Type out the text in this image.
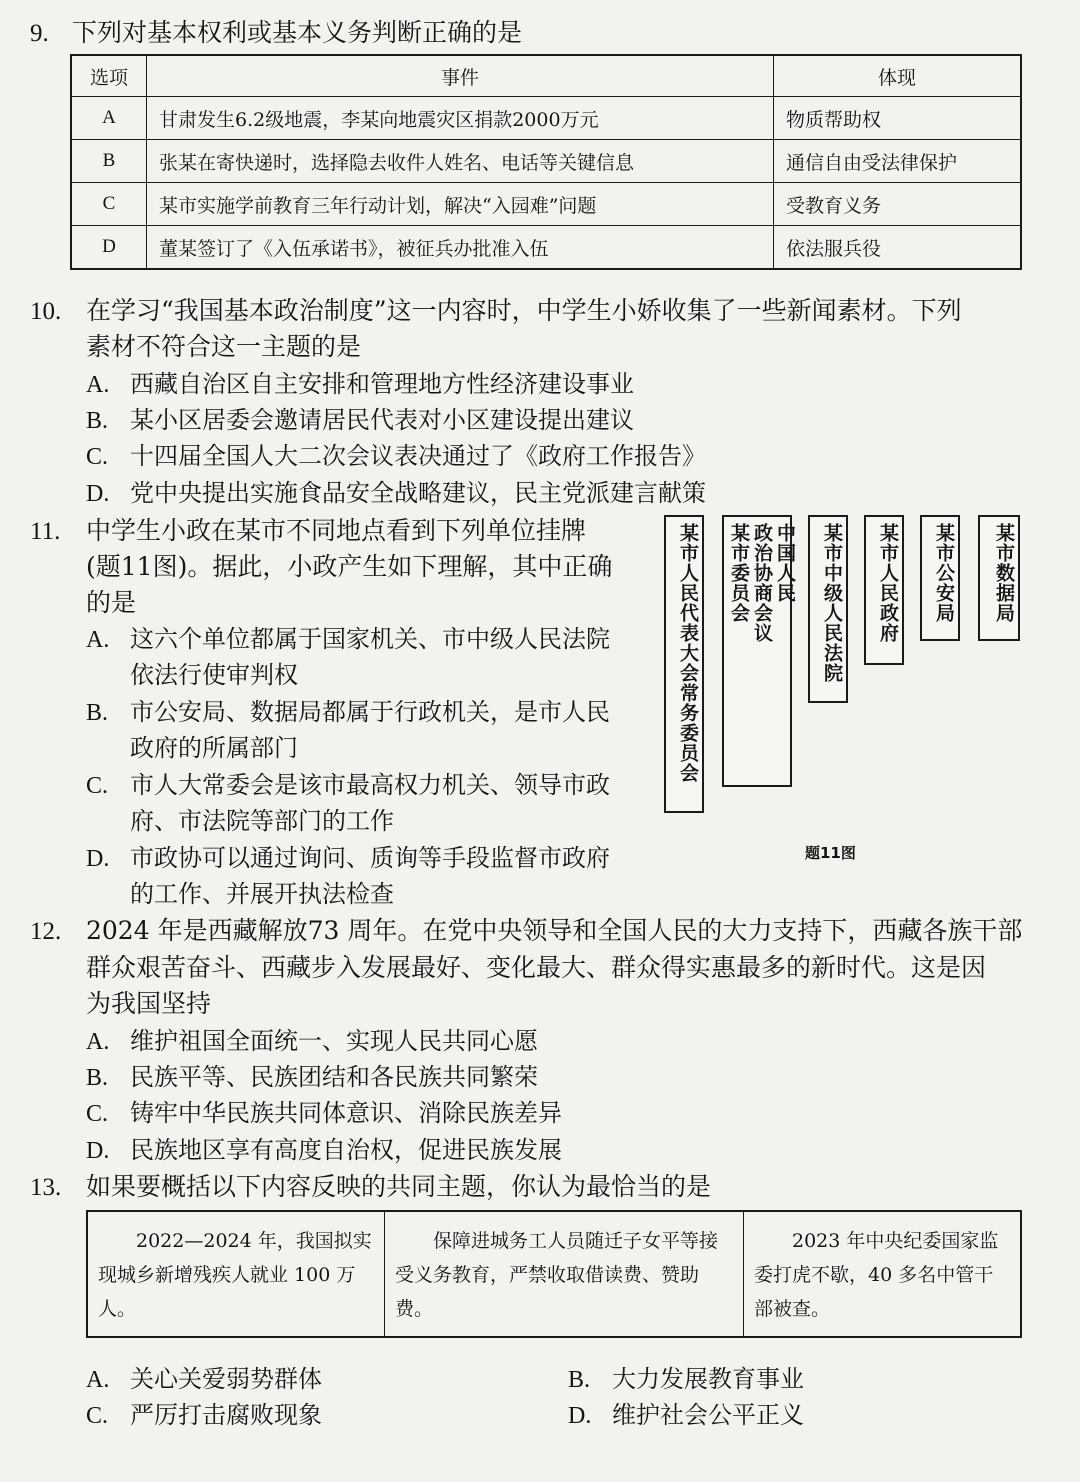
9. 下列对基本权利或基本义务判断正确的是
选项	事件	体现
A	甘肃发生6.2级地震，李某向地震灾区捐款2000万元	物质帮助权
B	张某在寄快递时，选择隐去收件人姓名、电话等关键信息	通信自由受法律保护
C	某市实施学前教育三年行动计划，解决“入园难”问题	受教育义务
D	董某签订了《入伍承诺书》，被征兵办批准入伍	依法服兵役
10. 在学习“我国基本政治制度”这一内容时，中学生小娇收集了一些新闻素材。下列
素材不符合这一主题的是
A. 西藏自治区自主安排和管理地方性经济建设事业
B. 某小区居委会邀请居民代表对小区建设提出建议
C. 十四届全国人大二次会议表决通过了《政府工作报告》
D. 党中央提出实施食品安全战略建议，民主党派建言献策
11. 中学生小政在某市不同地点看到下列单位挂牌
(题11图)。据此，小政产生如下理解，其中正确
的是
A. 这六个单位都属于国家机关、市中级人民法院
依法行使审判权
B. 市公安局、数据局都属于行政机关，是市人民
政府的所属部门
C. 市人大常委会是该市最高权力机关、领导市政
府、市法院等部门的工作
D. 市政协可以通过询问、质询等手段监督市政府
的工作、并展开执法检查
某市人民代表大会常务委员会 某市委员会 政治协商会议 中国人民	某市中级人民法院	某市人民政府	某市公安局	某市数据局
题11图
12. 2024 年是西藏解放73 周年。在党中央领导和全国人民的大力支持下，西藏各族干部
群众艰苦奋斗、西藏步入发展最好、变化最大、群众得实惠最多的新时代。这是因
为我国坚持
A. 维护祖国全面统一、实现人民共同心愿
B. 民族平等、民族团结和各民族共同繁荣
C. 铸牢中华民族共同体意识、消除民族差异
D. 民族地区享有高度自治权，促进民族发展
13. 如果要概括以下内容反映的共同主题，你认为最恰当的是
2022—2024 年，我国拟实现城乡新增残疾人就业 100 万人。	保障进城务工人员随迁子女平等接受义务教育，严禁收取借读费、赞助费。	2023 年中央纪委国家监委打虎不歇，40 多名中管干部被查。
A. 关心关爱弱势群体	B. 大力发展教育事业
C. 严厉打击腐败现象	D. 维护社会公平正义
